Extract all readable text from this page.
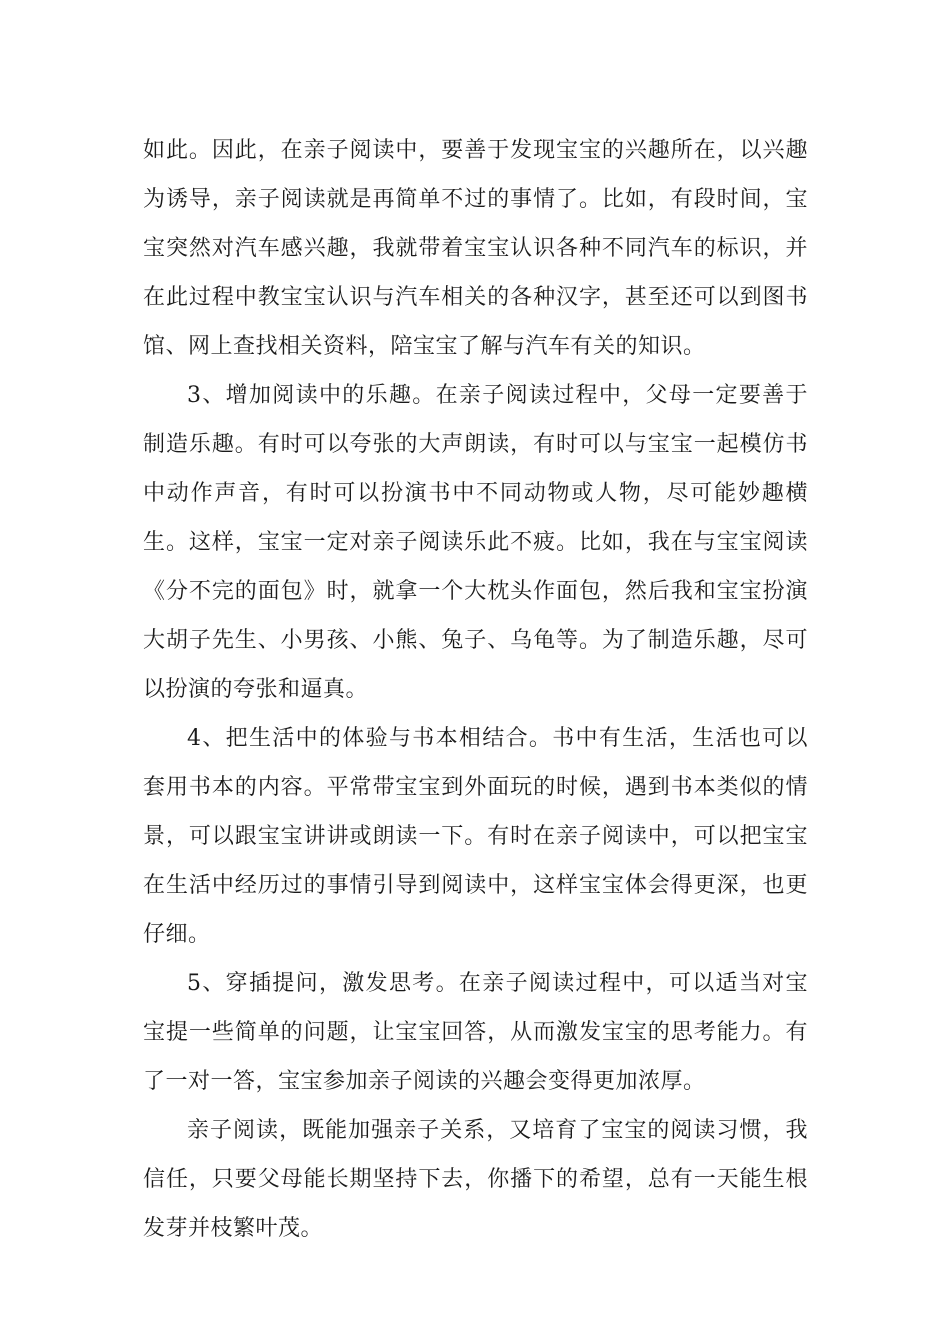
如此。因此，在亲子阅读中，要善于发现宝宝的兴趣所在，以兴趣为诱导，亲子阅读就是再简单不过的事情了。比如，有段时间，宝宝突然对汽车感兴趣，我就带着宝宝认识各种不同汽车的标识，并在此过程中教宝宝认识与汽车相关的各种汉字，甚至还可以到图书馆、网上查找相关资料，陪宝宝了解与汽车有关的知识。

3、增加阅读中的乐趣。在亲子阅读过程中，父母一定要善于制造乐趣。有时可以夸张的大声朗读，有时可以与宝宝一起模仿书中动作声音，有时可以扮演书中不同动物或人物，尽可能妙趣横生。这样，宝宝一定对亲子阅读乐此不疲。比如，我在与宝宝阅读《分不完的面包》时，就拿一个大枕头作面包，然后我和宝宝扮演大胡子先生、小男孩、小熊、兔子、乌龟等。为了制造乐趣，尽可以扮演的夸张和逼真。

4、把生活中的体验与书本相结合。书中有生活，生活也可以套用书本的内容。平常带宝宝到外面玩的时候，遇到书本类似的情景，可以跟宝宝讲讲或朗读一下。有时在亲子阅读中，可以把宝宝在生活中经历过的事情引导到阅读中，这样宝宝体会得更深，也更仔细。

5、穿插提问，激发思考。在亲子阅读过程中，可以适当对宝宝提一些简单的问题，让宝宝回答，从而激发宝宝的思考能力。有了一对一答，宝宝参加亲子阅读的兴趣会变得更加浓厚。

亲子阅读，既能加强亲子关系，又培育了宝宝的阅读习惯，我信任，只要父母能长期坚持下去，你播下的希望，总有一天能生根发芽并枝繁叶茂。
